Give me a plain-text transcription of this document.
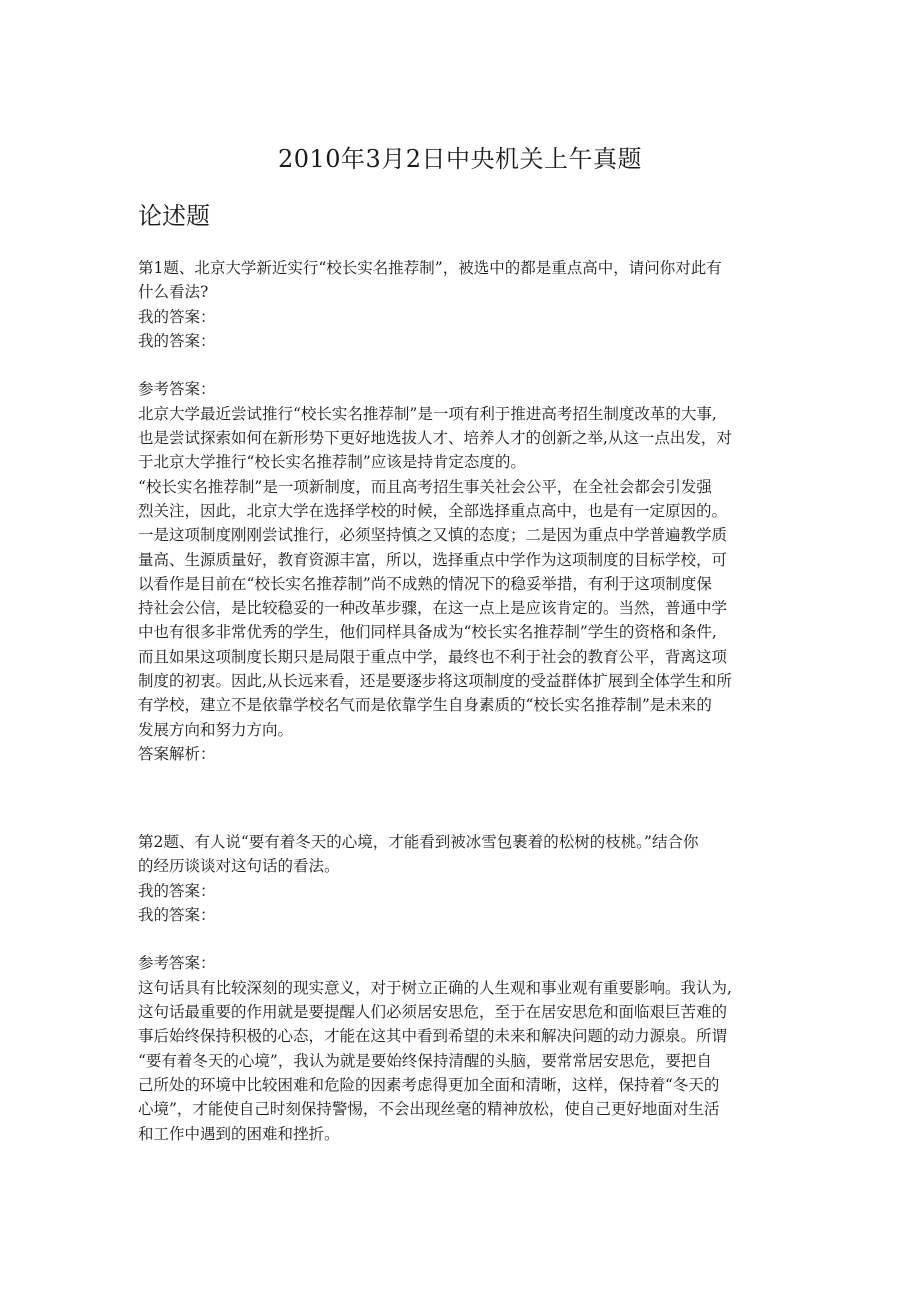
2010年3月2日中央机关上午真题
论述题
第1题、北京大学新近实行“校长实名推荐制”，被选中的都是重点高中，请问你对此有
什么看法?
我的答案：
我的答案：
参考答案：
北京大学最近尝试推行“校长实名推荐制”是一项有利于推进高考招生制度改革的大事,
也是尝试探索如何在新形势下更好地选拔人才、培养人才的创新之举,从这一点出发，对
于北京大学推行“校长实名推荐制”应该是持肯定态度的。
“校长实名推荐制”是一项新制度，而且高考招生事关社会公平，在全社会都会引发强
烈关注，因此，北京大学在选择学校的时候，全部选择重点高中，也是有一定原因的。
一是这项制度刚刚尝试推行，必须坚持慎之又慎的态度；二是因为重点中学普遍教学质
量高、生源质量好，教育资源丰富，所以，选择重点中学作为这项制度的目标学校，可
以看作是目前在“校长实名推荐制”尚不成熟的情况下的稳妥举措，有利于这项制度保
持社会公信，是比较稳妥的一种改革步骤，在这一点上是应该肯定的。当然，普通中学
中也有很多非常优秀的学生，他们同样具备成为“校长实名推荐制”学生的资格和条件,
而且如果这项制度长期只是局限于重点中学，最终也不利于社会的教育公平，背离这项
制度的初衷。因此,从长远来看，还是要逐步将这项制度的受益群体扩展到全体学生和所
有学校，建立不是依靠学校名气而是依靠学生自身素质的“校长实名推荐制”是未来的
发展方向和努力方向。
答案解析：
第2题、有人说“要有着冬天的心境，才能看到被冰雪包裹着的松树的枝桃。”结合你
的经历谈谈对这句话的看法。
我的答案：
我的答案：
参考答案：
这句话具有比较深刻的现实意义，对于树立正确的人生观和事业观有重要影响。我认为,
这句话最重要的作用就是要提醒人们必须居安思危，至于在居安思危和面临艰巨苦难的
事后始终保持积极的心态，才能在这其中看到希望的未来和解决问题的动力源泉。所谓
“要有着冬天的心境”，我认为就是要始终保持清醒的头脑，要常常居安思危，要把自
己所处的环境中比较困难和危险的因素考虑得更加全面和清晰，这样，保持着“冬天的
心境”，才能使自己时刻保持警惕，不会出现丝毫的精神放松，使自己更好地面对生活
和工作中遇到的困难和挫折。
